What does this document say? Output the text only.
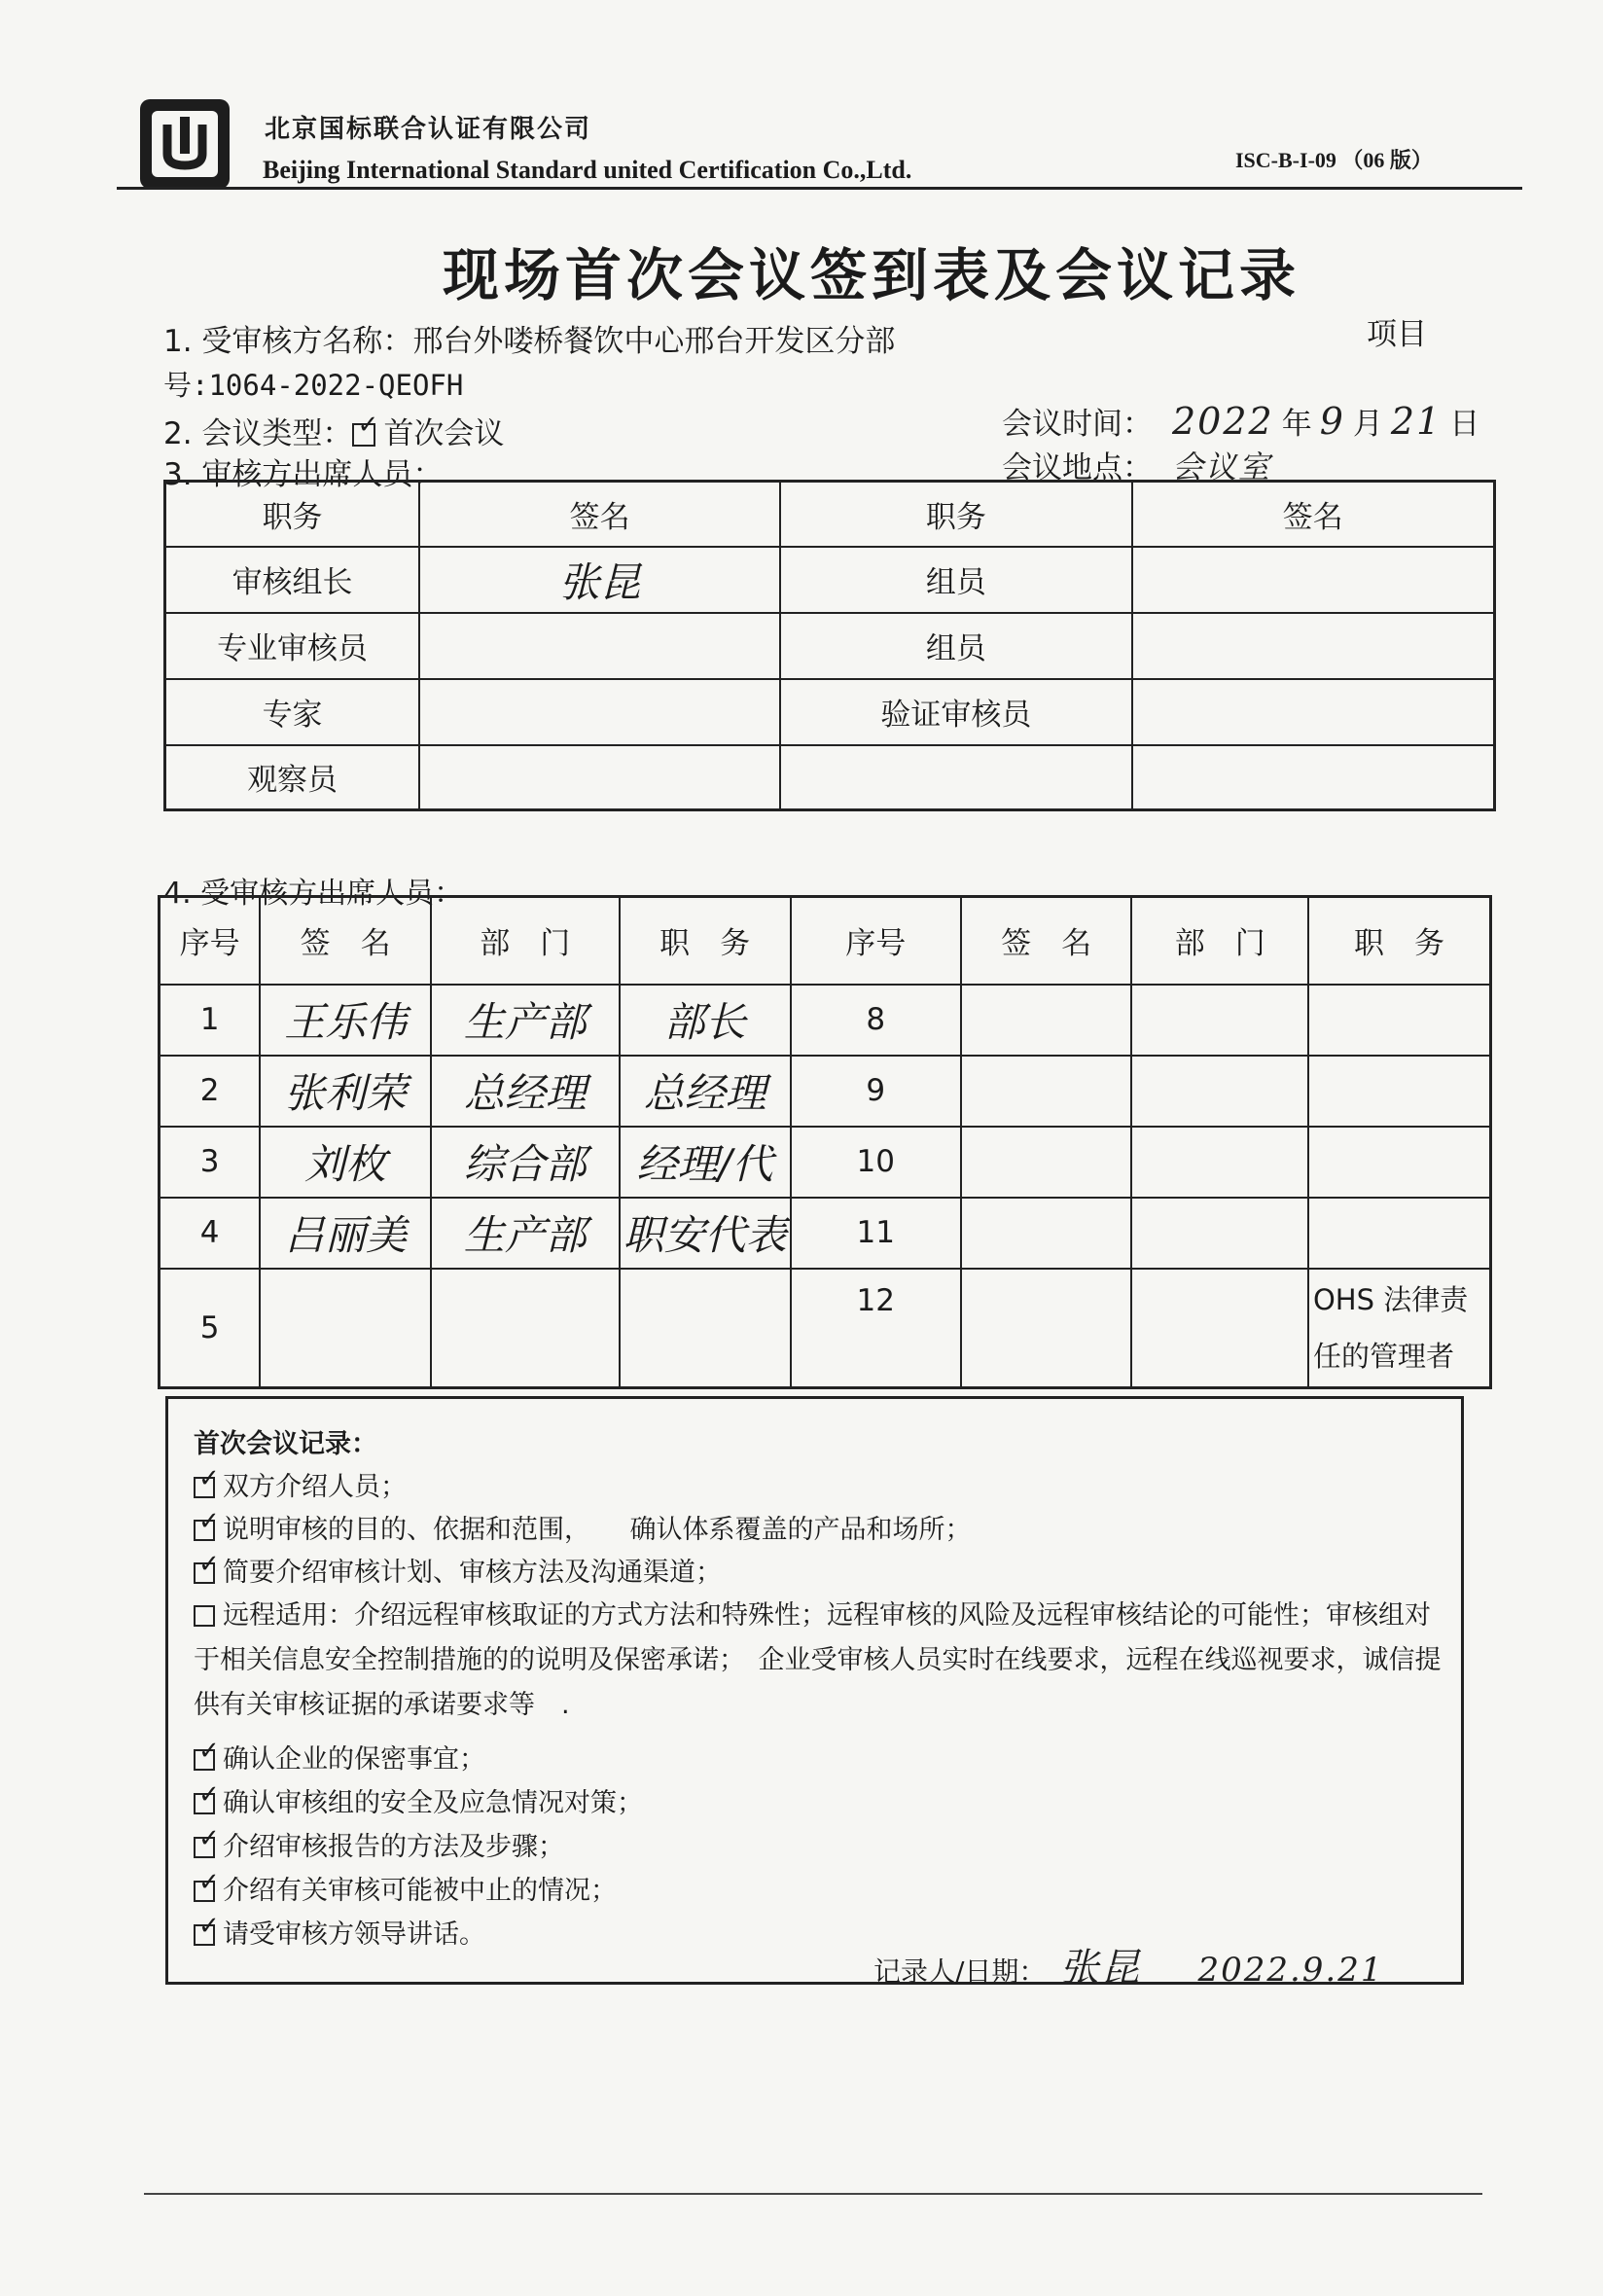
北京国标联合认证有限公司
Beijing International Standard united Certification Co.,Ltd.	ISC-B-I-09 （06 版）
现场首次会议签到表及会议记录
1. 受审核方名称：邢台外喽桥餐饮中心邢台开发区分部	项目
号:1064-2022-QEOFH
2. 会议类型： ✓ 首次会议	会议时间： 2022 年 9 月 21 日
3. 审核方出席人员：	会议地点： 会议室
职务	签名	职务	签名
审核组长	张昆	组员	
专业审核员		组员	
专家		验证审核员	
观察员			
4. 受审核方出席人员：
序号	签　名	部　门	职　务	序号	签　名	部　门	职　务
1	王乐伟	生产部	部长	8			
2	张利荣	总经理	总经理	9			
3	刘枚	综合部	经理/代	10			
4	吕丽美	生产部	职安代表	11			
5				12			OHS 法律责任的管理者
首次会议记录：
✓ 双方介绍人员；
✓ 说明审核的目的、依据和范围，　　确认体系覆盖的产品和场所；
✓ 简要介绍审核计划、审核方法及沟通渠道；
远程适用：介绍远程审核取证的方式方法和特殊性；远程审核的风险及远程审核结论的可能性；审核组对于相关信息安全控制措施的的说明及保密承诺；　企业受审核人员实时在线要求，远程在线巡视要求，诚信提供有关审核证据的承诺要求等　.
✓ 确认企业的保密事宜；
✓ 确认审核组的安全及应急情况对策；
✓ 介绍审核报告的方法及步骤；
✓ 介绍有关审核可能被中止的情况；
✓ 请受审核方领导讲话。
记录人/日期： 张昆 2022.9.21
